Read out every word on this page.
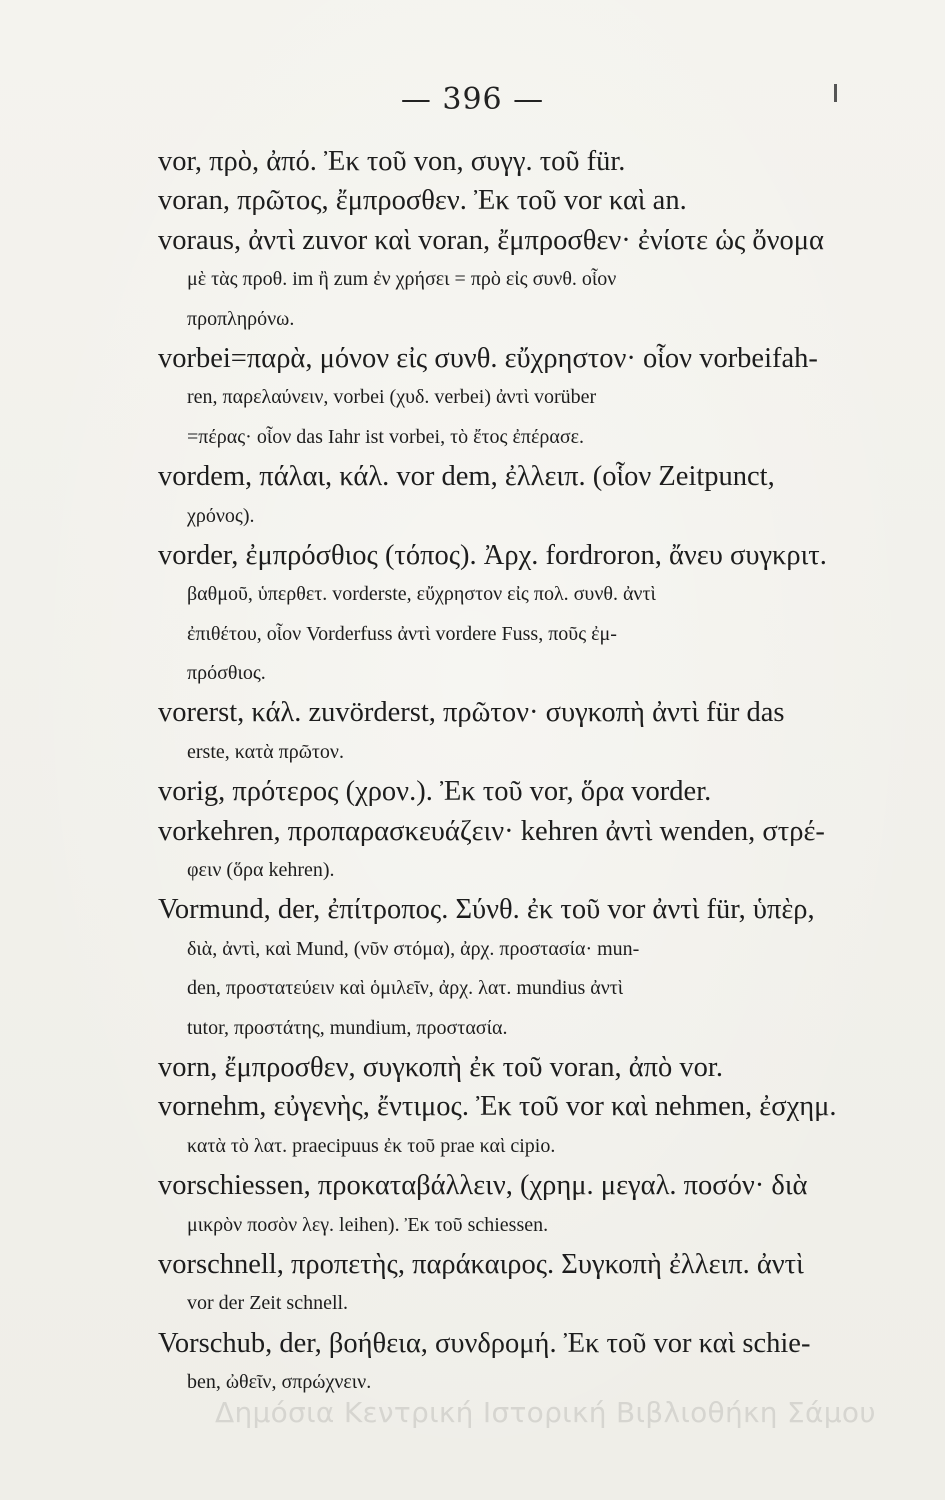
— 396 —
vor, πρὸ, ἀπό. Ἐκ τοῦ von, συγγ. τοῦ für.
voran, πρῶτος, ἔμπροσθεν. Ἐκ τοῦ vor καὶ an.
voraus, ἀντὶ zuvor καὶ voran, ἔμπροσθεν· ἐνίοτε ὡς ὄνομα
μὲ τὰς προθ. im ἢ zum ἐν χρήσει = πρὸ εἰς συνθ. οἷον
προπληρόνω.
vorbei=παρὰ, μόνον εἰς συνθ. εὔχρηστον· οἷον vorbeifah-
ren, παρελαύνειν, vorbei (χυδ. verbei) ἀντὶ vorüber
=πέρας· οἷον das Iahr ist vorbei, τὸ ἔτος ἐπέρασε.
vordem, πάλαι, κάλ. vor dem, ἐλλειπ. (οἷον Zeitpunct,
χρόνος).
vorder, ἐμπρόσθιος (τόπος). Ἀρχ. fordroron, ἄνευ συγκριτ.
βαθμοῦ, ὑπερθετ. vorderste, εὔχρηστον εἰς πολ. συνθ. ἀντὶ
ἐπιθέτου, οἷον Vorderfuss ἀντὶ vordere Fuss, ποῦς ἐμ-
πρόσθιος.
vorerst, κάλ. zuvörderst, πρῶτον· συγκοπὴ ἀντὶ für das
erste, κατὰ πρῶτον.
vorig, πρότερος (χρον.). Ἐκ τοῦ vor, ὅρα vorder.
vorkehren, προπαρασκευάζειν· kehren ἀντὶ wenden, στρέ-
φειν (ὅρα kehren).
Vormund, der, ἐπίτροπος. Σύνθ. ἐκ τοῦ vor ἀντὶ für, ὑπὲρ,
διὰ, ἀντὶ, καὶ Mund, (νῦν στόμα), ἀρχ. προστασία· mun-
den, προστατεύειν καὶ ὁμιλεῖν, ἀρχ. λατ. mundius ἀντὶ
tutor, προστάτης, mundium, προστασία.
vorn, ἔμπροσθεν, συγκοπὴ ἐκ τοῦ voran, ἀπὸ vor.
vornehm, εὐγενὴς, ἔντιμος. Ἐκ τοῦ vor καὶ nehmen, ἐσχημ.
κατὰ τὸ λατ. praecipuus ἐκ τοῦ prae καὶ cipio.
vorschiessen, προκαταβάλλειν, (χρημ. μεγαλ. ποσόν· διὰ
μικρὸν ποσὸν λεγ. leihen). Ἐκ τοῦ schiessen.
vorschnell, προπετὴς, παράκαιρος. Συγκοπὴ ἐλλειπ. ἀντὶ
vor der Zeit schnell.
Vorschub, der, βοήθεια, συνδρομή. Ἐκ τοῦ vor καὶ schie-
ben, ὠθεῖν, σπρώχνειν.
Δημόσια Κεντρική Ιστορική Βιβλιοθήκη Σάμου
